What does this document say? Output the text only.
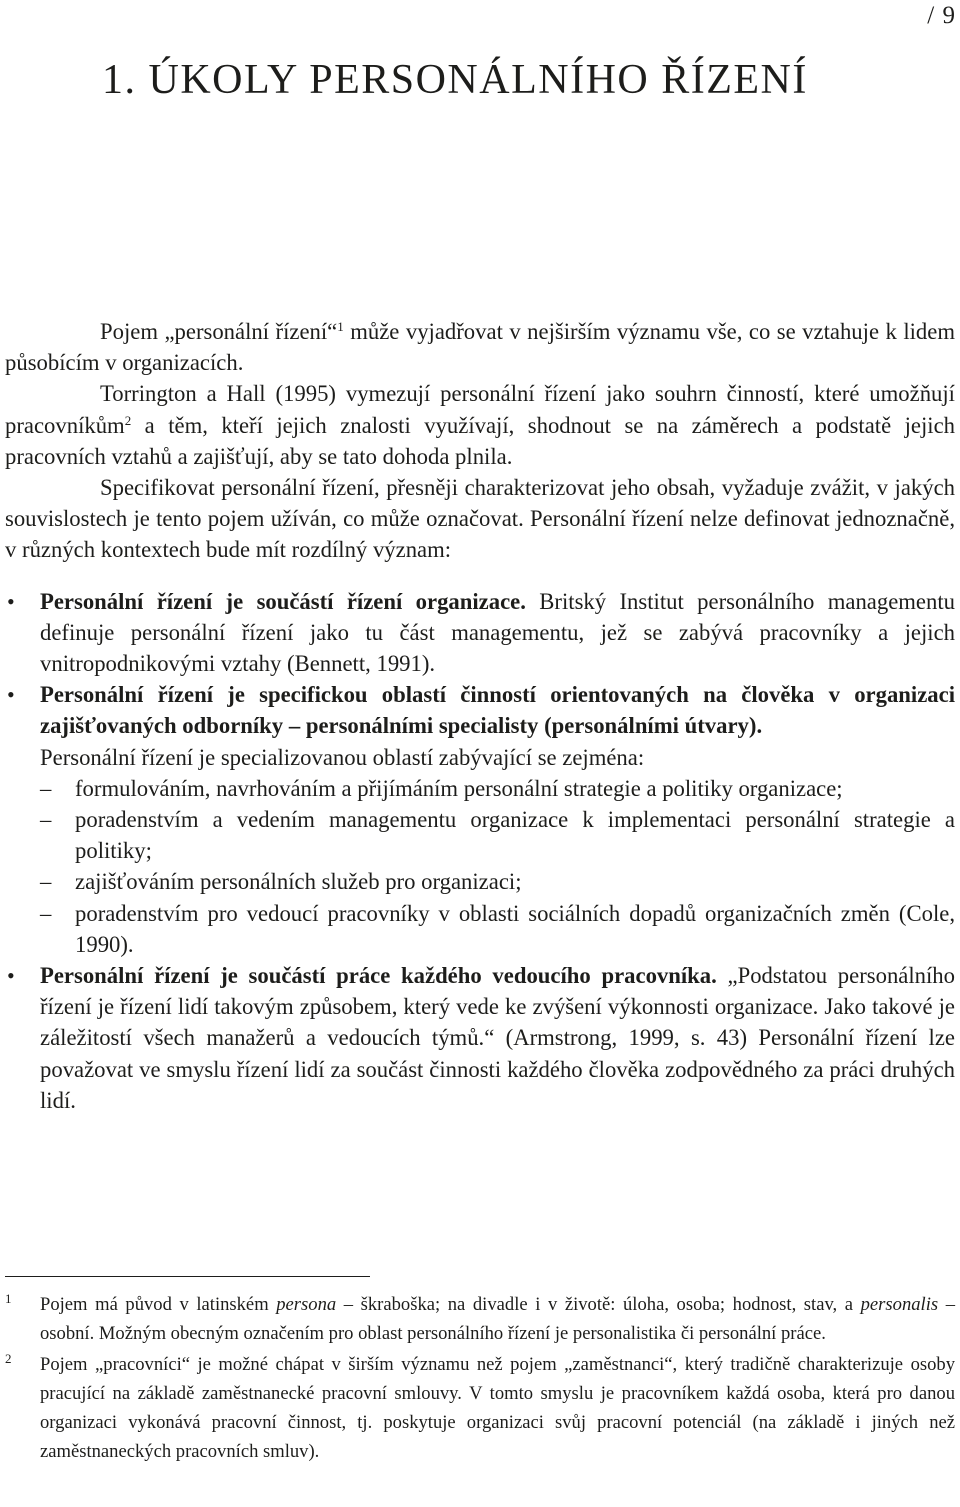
/ 9
1. ÚKOLY PERSONÁLNÍHO ŘÍZENÍ

Pojem „personální řízení“$^1$ může vyjadřovat v nejširším významu vše, co se vztahuje k lidem působícím v organizacích.

Torrington a Hall (1995) vymezují personální řízení jako souhrn činností, které umožňují pracovníkům$^2$ a těm, kteří jejich znalosti využívají, shodnout se na záměrech a podstatě jejich pracovních vztahů a zajišťují, aby se tato dohoda plnila.

Specifikovat personální řízení, přesněji charakterizovat jeho obsah, vyžaduje zvážit, v jakých souvislostech je tento pojem užíván, co může označovat. Personální řízení nelze definovat jednoznačně, v různých kontextech bude mít rozdílný význam:

• Personální řízení je součástí řízení organizace. Britský Institut personálního managementu definuje personální řízení jako tu část managementu, jež se zabývá pracovníky a jejich vnitropodnikovými vztahy (Bennett, 1991).
• Personální řízení je specifickou oblastí činností orientovaných na člověka v organizaci zajišťovaných odborníky – personálními specialisty (personálními útvary).
Personální řízení je specializovanou oblastí zabývající se zejména:
– formulováním, navrhováním a přijímáním personální strategie a politiky organizace;
– poradenstvím a vedením managementu organizace k implementaci personální strategie a politiky;
– zajišťováním personálních služeb pro organizaci;
– poradenstvím pro vedoucí pracovníky v oblasti sociálních dopadů organizačních změn (Cole, 1990).
• Personální řízení je součástí práce každého vedoucího pracovníka. „Podstatou personálního řízení je řízení lidí takovým způsobem, který vede ke zvýšení výkonnosti organizace. Jako takové je záležitostí všech manažerů a vedoucích týmů.“ (Armstrong, 1999, s. 43) Personální řízení lze považovat ve smyslu řízení lidí za součást činnosti každého člověka zodpovědného za práci druhých lidí.
1 Pojem má původ v latinském persona – škraboška; na divadle i v životě: úloha, osoba; hodnost, stav, a personalis – osobní. Možným obecným označením pro oblast personálního řízení je personalistika či personální práce.
2 Pojem „pracovníci“ je možné chápat v širším významu než pojem „zaměstnanci“, který tradičně charakterizuje osoby pracující na základě zaměstnanecké pracovní smlouvy. V tomto smyslu je pracovníkem každá osoba, která pro danou organizaci vykonává pracovní činnost, tj. poskytuje organizaci svůj pracovní potenciál (na základě i jiných než zaměstnaneckých pracovních smluv).
